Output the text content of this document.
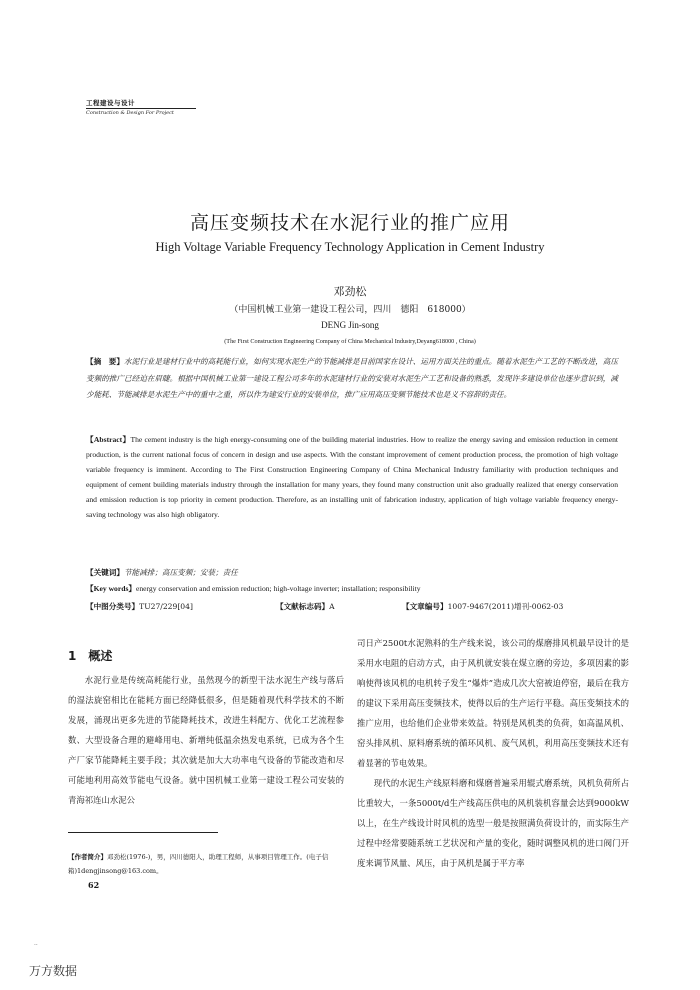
工程建设与设计
Construction & Design For Project
高压变频技术在水泥行业的推广应用
High Voltage Variable Frequency Technology Application in Cement Industry
邓劲松
（中国机械工业第一建设工程公司，四川　德阳　618000）
DENG Jin-song
(The First Construction Engineering Company of China Mechanical Industry,Deyang618000 , China)
【摘　要】水泥行业是建材行业中的高耗能行业，如何实现水泥生产的节能减排是目前国家在设计、运用方面关注的重点。随着水泥生产工艺的不断改进，高压变频的推广已经迫在眉睫。根据中国机械工业第一建设工程公司多年的水泥建材行业的安装对水泥生产工艺和设备的熟悉，发现许多建设单位也逐步意识到，减少能耗、节能减排是水泥生产中的重中之重，所以作为建安行业的安装单位，推广应用高压变频节能技术也是义不容辞的责任。
【Abstract】The cement industry is the high energy-consuming one of the building material industries. How to realize the energy saving and emission reduction in cement production, is the current national focus of concern in design and use aspects. With the constant improvement of cement production process, the promotion of high voltage variable frequency is imminent. According to The First Construction Engineering Company of China Mechanical Industry familiarity with production techniques and equipment of cement building materials industry through the installation for many years, they found many construction unit also gradually realized that energy conservation and emission reduction is top priority in cement production. Therefore, as an installing unit of fabrication industry, application of high voltage variable frequency energy-saving technology was also high obligatory.
【关键词】节能减排；高压变频；安装；责任
【Key words】energy conservation and emission reduction; high-voltage inverter; installation; responsibility
【中图分类号】TU27/229[04]	【文献标志码】A	【文章编号】1007-9467(2011)增刊-0062-03
1　概述

水泥行业是传统高耗能行业，虽然现今的新型干法水泥生产线与落后的湿法旋窑相比在能耗方面已经降低很多，但是随着现代科学技术的不断发展，涌现出更多先进的节能降耗技术，改进生料配方、优化工艺流程参数、大型设备合理的避峰用电、新增纯低温余热发电系统，已成为各个生产厂家节能降耗主要手段；其次就是加大大功率电气设备的节能改造和尽可能地利用高效节能电气设备。就中国机械工业第一建设工程公司安装的青海祁连山水泥公

司日产2500t水泥熟料的生产线来说，该公司的煤磨排风机最早设计的是采用水电阻的启动方式，由于风机就安装在煤立磨的旁边，多项因素的影响使得该风机的电机转子发生“爆炸”造成几次大窑被迫停窑，最后在我方的建议下采用高压变频技术，使得以后的生产运行平稳。高压变频技术的推广应用，也给他们企业带来效益。特别是风机类的负荷，如高温风机、窑头排风机、原料磨系统的循环风机、废气风机，利用高压变频技术还有着显著的节电效果。

现代的水泥生产线原料磨和煤磨普遍采用辊式磨系统，风机负荷所占比重较大，一条5000t/d生产线高压供电的风机装机容量会达到9000kW以上，在生产线设计时风机的选型一般是按照满负荷设计的，而实际生产过程中经常要随系统工艺状况和产量的变化，随时调整风机的进口阀门开度来调节风量、风压，由于风机是属于平方率

【作者简介】邓劲松(1976-)，男，四川德阳人，助理工程师，从事项目管理工作。(电子信箱)1dengjinsong@163.com。
62
··
万方数据
